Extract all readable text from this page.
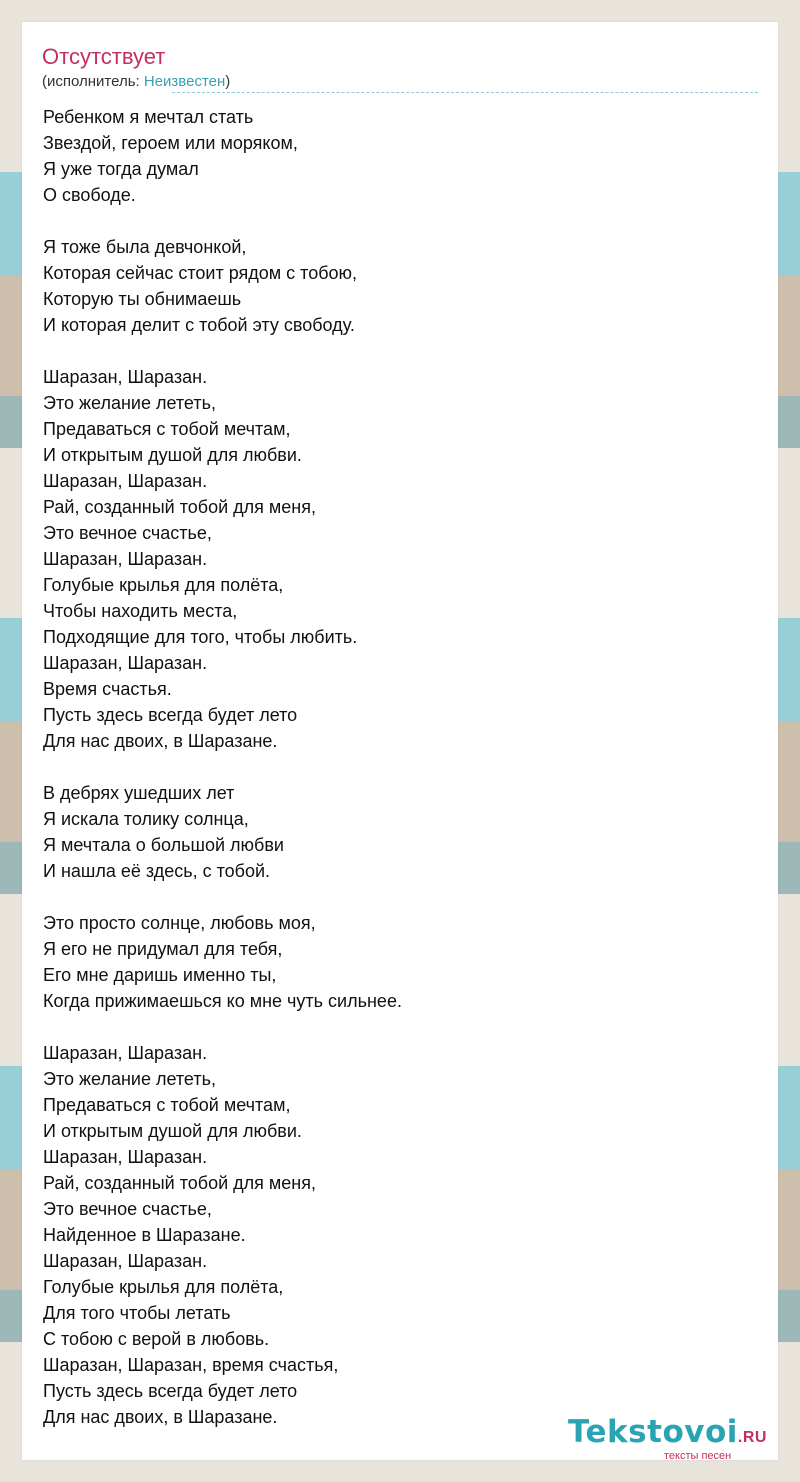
Отсутствует
(исполнитель: Неизвестен)
Ребенком я мечтал стать
Звездой, героем или моряком,
Я уже тогда думал
О свободе.
Я тоже была девчонкой,
Которая сейчас стоит рядом с тобою,
Которую ты обнимаешь
И которая делит с тобой эту свободу.
Шаразан, Шаразан.
Это желание лететь,
Предаваться с тобой мечтам,
И открытым душой для любви.
Шаразан, Шаразан.
Рай, созданный тобой для меня,
Это вечное счастье,
Шаразан, Шаразан.
Голубые крылья для полёта,
Чтобы находить места,
Подходящие для того, чтобы любить.
Шаразан, Шаразан.
Время счастья.
Пусть здесь всегда будет лето
Для нас двоих, в Шаразане.
В дебрях ушедших лет
Я искала толику солнца,
Я мечтала о большой любви
И нашла её здесь, с тобой.
Это просто солнце, любовь моя,
Я его не придумал для тебя,
Его мне даришь именно ты,
Когда прижимаешься ко мне чуть сильнее.
Шаразан, Шаразан.
Это желание лететь,
Предаваться с тобой мечтам,
И открытым душой для любви.
Шаразан, Шаразан.
Рай, созданный тобой для меня,
Это вечное счастье,
Найденное в Шаразане.
Шаразан, Шаразан.
Голубые крылья для полёта,
Для того чтобы летать
С тобою с верой в любовь.
Шаразан, Шаразан, время счастья,
Пусть здесь всегда будет лето
Для нас двоих, в Шаразане.	Tekstovoi.RU
тексты песен
